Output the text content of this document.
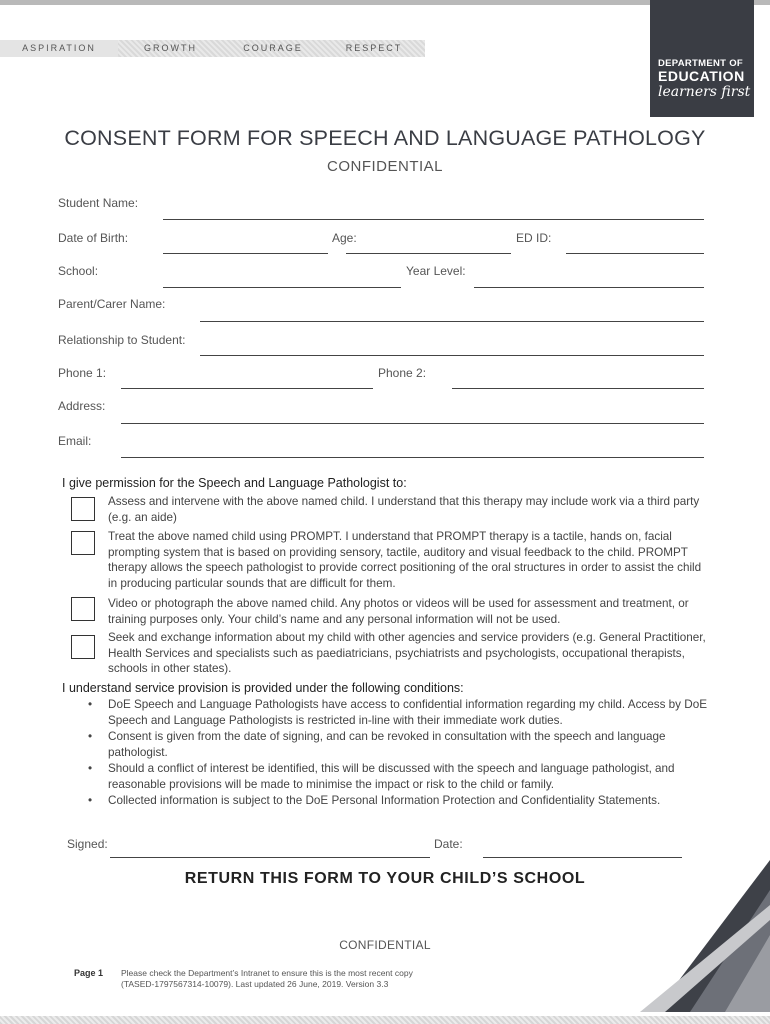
ASPIRATION	GROWTH	COURAGE	RESPECT
DEPARTMENT OF
EDUCATION
learners first
CONSENT FORM FOR SPEECH AND LANGUAGE PATHOLOGY
CONFIDENTIAL
Student Name:
Date of Birth:	Age:	ED ID:
School:	Year Level:
Parent/Carer Name:
Relationship to Student:
Phone 1:	Phone 2:
Address:
Email:
I give permission for the Speech and Language Pathologist to:
Assess and intervene with the above named child. I understand that this therapy may include work via a third party (e.g. an aide)
Treat the above named child using PROMPT. I understand that PROMPT therapy is a tactile, hands on, facial prompting system that is based on providing sensory, tactile, auditory and visual feedback to the child. PROMPT therapy allows the speech pathologist to provide correct positioning of the oral structures in order to assist the child in producing particular sounds that are difficult for them.
Video or photograph the above named child. Any photos or videos will be used for assessment and treatment, or training purposes only. Your child’s name and any personal information will not be used.
Seek and exchange information about my child with other agencies and service providers (e.g. General Practitioner, Health Services and specialists such as paediatricians, psychiatrists and psychologists, occupational therapists, schools in other states).
I understand service provision is provided under the following conditions:
• DoE Speech and Language Pathologists have access to confidential information regarding my child. Access by DoE Speech and Language Pathologists is restricted in-line with their immediate work duties.
• Consent is given from the date of signing, and can be revoked in consultation with the speech and language pathologist.
• Should a conflict of interest be identified, this will be discussed with the speech and language pathologist, and reasonable provisions will be made to minimise the impact or risk to the child or family.
• Collected information is subject to the DoE Personal Information Protection and Confidentiality Statements.
Signed:	Date:
RETURN THIS FORM TO YOUR CHILD’S SCHOOL
CONFIDENTIAL
Page 1 Please check the Department’s Intranet to ensure this is the most recent copy
(TASED-1797567314-10079). Last updated 26 June, 2019. Version 3.3
